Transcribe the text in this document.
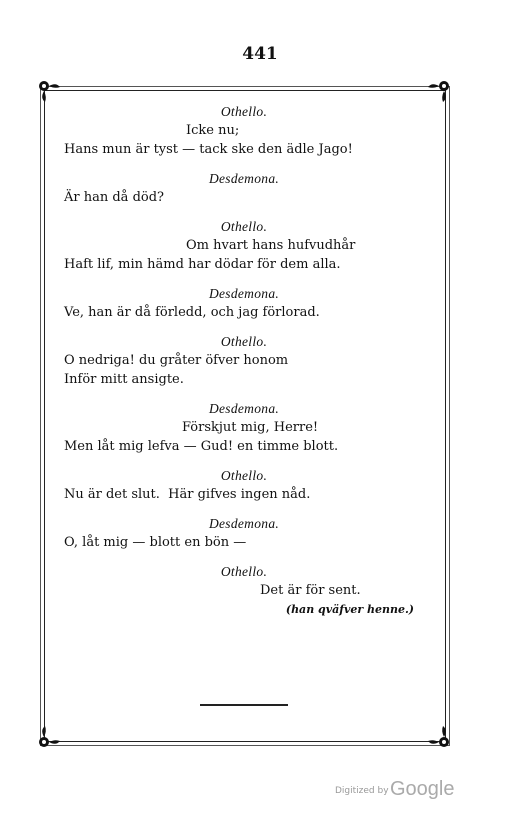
441
Othello.
Icke nu;
Hans mun är tyst — tack ske den ädle Jago!
Desdemona.
Är han då död?
Othello.
Om hvart hans hufvudhår
Haft lif, min hämd har dödar för dem alla.
Desdemona.
Ve, han är då förledd, och jag förlorad.
Othello.
O nedriga! du gråter öfver honom
Inför mitt ansigte.
Desdemona.
Förskjut mig, Herre!
Men låt mig lefva — Gud! en timme blott.
Othello.
Nu är det slut.  Här gifves ingen nåd.
Desdemona.
O, låt mig — blott en bön —
Othello.
Det är för sent.
(han qväfver henne.)
Digitized by Google
